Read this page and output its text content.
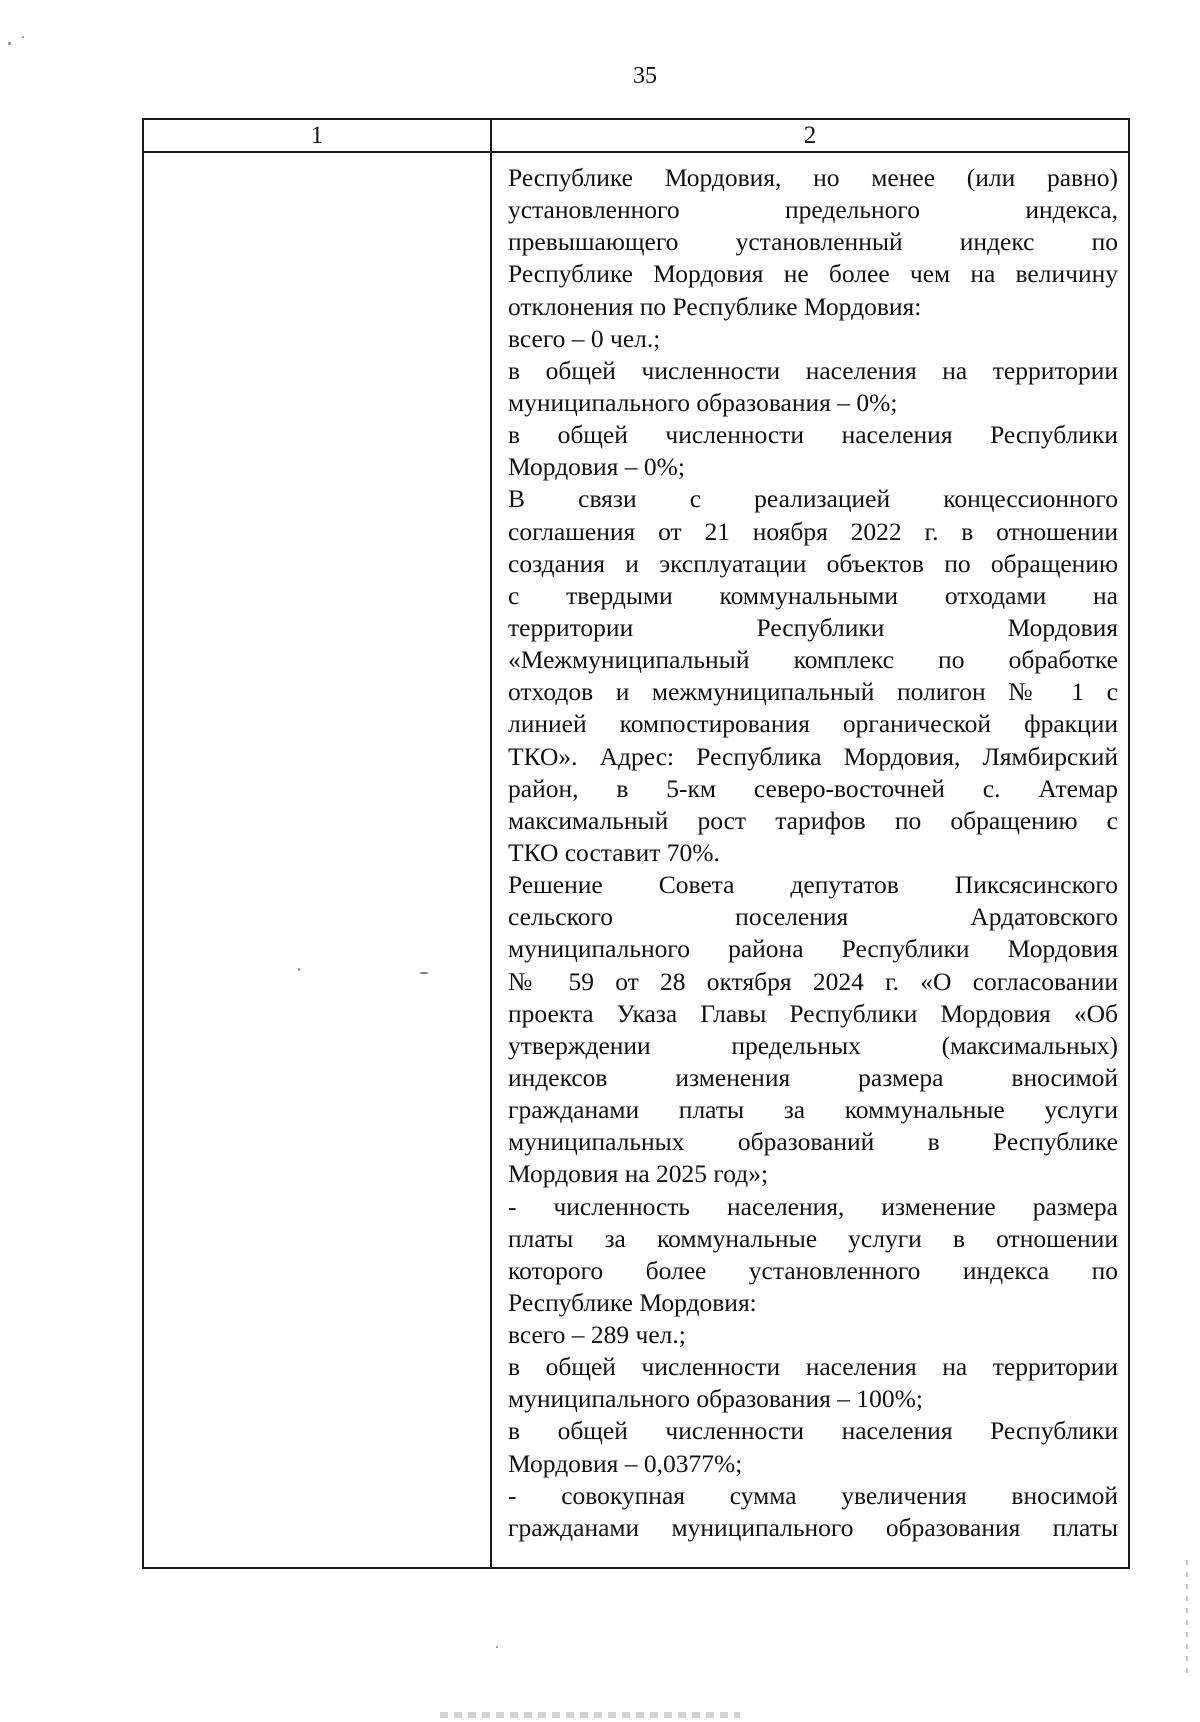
35
1	2
Республике Мордовия, но менее (или равно)
установленного предельного индекса,
превышающего установленный индекс по
Республике Мордовия не более чем на величину
отклонения по Республике Мордовия:
всего – 0 чел.;
в общей численности населения на территории
муниципального образования – 0%;
в общей численности населения Республики
Мордовия – 0%;
В связи с реализацией концессионного
соглашения от 21 ноября 2022 г. в отношении
создания и эксплуатации объектов по обращению
с твердыми коммунальными отходами на
территории Республики Мордовия
«Межмуниципальный комплекс по обработке
отходов и межмуниципальный полигон № 1 с
линией компостирования органической фракции
ТКО». Адрес: Республика Мордовия, Лямбирский
район, в 5-км северо-восточней с. Атемар
максимальный рост тарифов по обращению с
ТКО составит 70%.
Решение Совета депутатов Пиксясинского
сельского поселения Ардатовского
муниципального района Республики Мордовия
№ 59 от 28 октября 2024 г. «О согласовании
проекта Указа Главы Республики Мордовия «Об
утверждении предельных (максимальных)
индексов изменения размера вносимой
гражданами платы за коммунальные услуги
муниципальных образований в Республике
Мордовия на 2025 год»;
- численность населения, изменение размера
платы за коммунальные услуги в отношении
которого более установленного индекса по
Республике Мордовия:
всего – 289 чел.;
в общей численности населения на территории
муниципального образования – 100%;
в общей численности населения Республики
Мордовия – 0,0377%;
- совокупная сумма увеличения вносимой
гражданами муниципального образования платы
